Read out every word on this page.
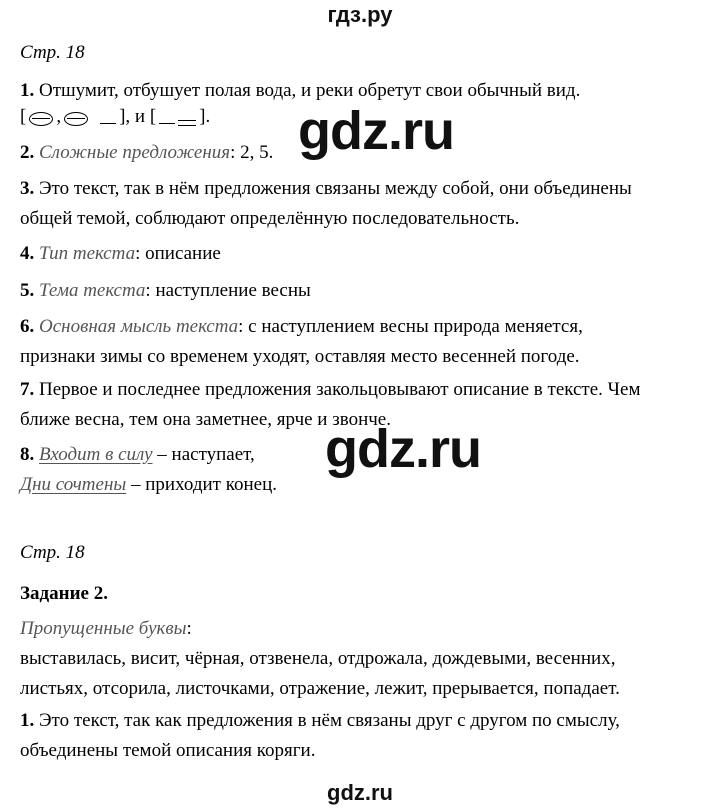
гдз.ру
Стр. 18
1. Отшумит, отбушует полая вода, и реки обретут свои обычный вид.
[ ,	], и [ ].
2. Сложные предложения: 2, 5.
3. Это текст, так в нём предложения связаны между собой, они объединены
общей темой, соблюдают определённую последовательность.
4. Тип текста: описание
5. Тема текста: наступление весны
6. Основная мысль текста: с наступлением весны природа меняется,
признаки зимы со временем уходят, оставляя место весенней погоде.
7. Первое и последнее предложения закольцовывают описание в тексте. Чем
ближе весна, тем она заметнее, ярче и звонче.
8. Входит в силу – наступает,
Дни сочтены – приходит конец.
gdz.ru
gdz.ru
Стр. 18
Задание 2.
Пропущенные буквы:
выставилась, висит, чёрная, отзвенела, отдрожала, дождевыми, весенних,
листьях, отсорила, листочками, отражение, лежит, прерывается, попадает.
1. Это текст, так как предложения в нём связаны друг с другом по смыслу,
объединены темой описания коряги.
gdz.ru
